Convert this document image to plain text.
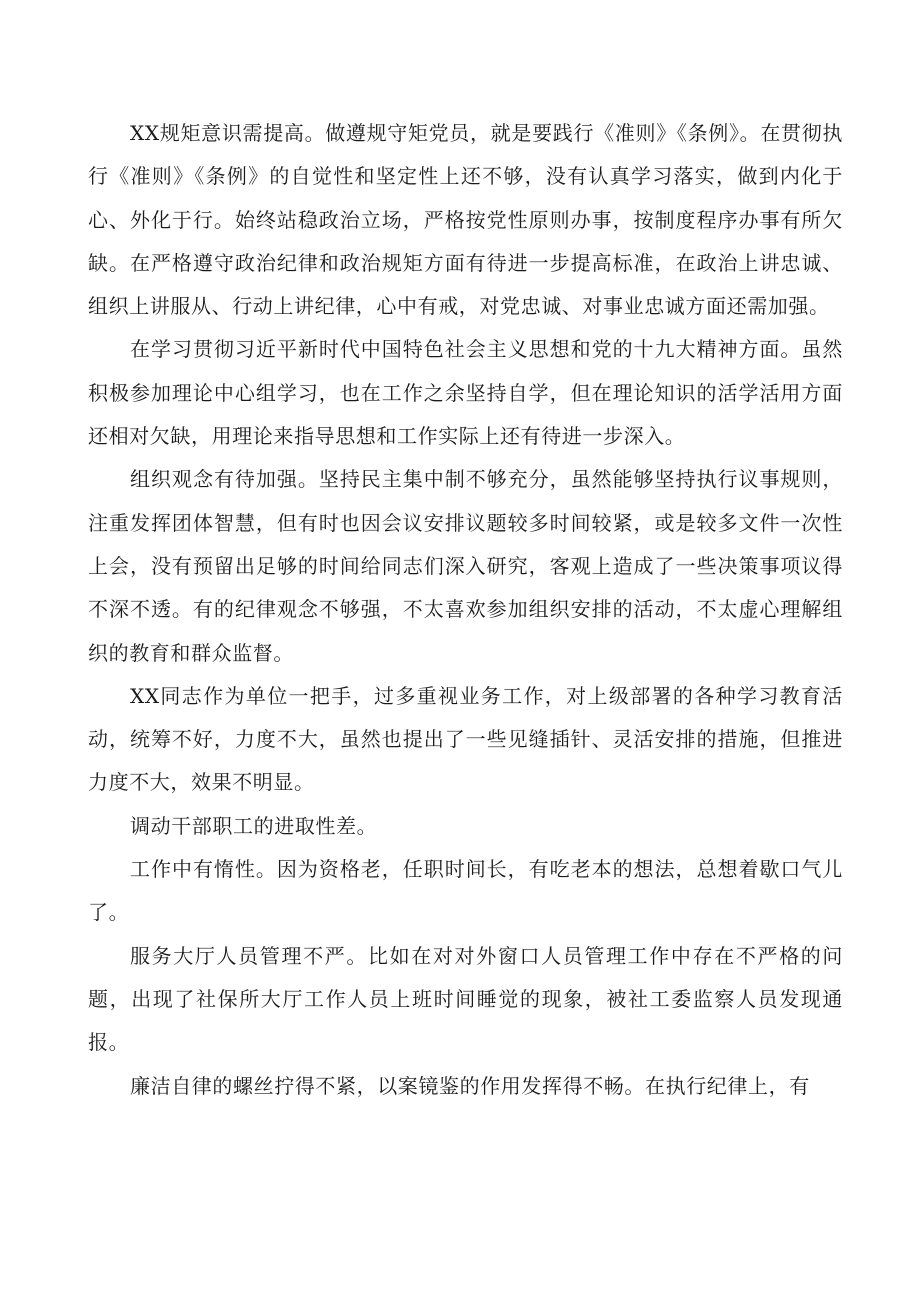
XX规矩意识需提高。做遵规守矩党员，就是要践行《准则》《条例》。在贯彻执行《准则》《条例》的自觉性和坚定性上还不够，没有认真学习落实，做到内化于心、外化于行。始终站稳政治立场，严格按党性原则办事，按制度程序办事有所欠缺。在严格遵守政治纪律和政治规矩方面有待进一步提高标准，在政治上讲忠诚、组织上讲服从、行动上讲纪律，心中有戒，对党忠诚、对事业忠诚方面还需加强。

在学习贯彻习近平新时代中国特色社会主义思想和党的十九大精神方面。虽然积极参加理论中心组学习，也在工作之余坚持自学，但在理论知识的活学活用方面还相对欠缺，用理论来指导思想和工作实际上还有待进一步深入。

组织观念有待加强。坚持民主集中制不够充分，虽然能够坚持执行议事规则，注重发挥团体智慧，但有时也因会议安排议题较多时间较紧，或是较多文件一次性上会，没有预留出足够的时间给同志们深入研究，客观上造成了一些决策事项议得不深不透。有的纪律观念不够强，不太喜欢参加组织安排的活动，不太虚心理解组织的教育和群众监督。

XX同志作为单位一把手，过多重视业务工作，对上级部署的各种学习教育活动，统筹不好，力度不大，虽然也提出了一些见缝插针、灵活安排的措施，但推进力度不大，效果不明显。

调动干部职工的进取性差。

工作中有惰性。因为资格老，任职时间长，有吃老本的想法，总想着歇口气儿了。

服务大厅人员管理不严。比如在对对外窗口人员管理工作中存在不严格的问题，出现了社保所大厅工作人员上班时间睡觉的现象，被社工委监察人员发现通报。

廉洁自律的螺丝拧得不紧，以案镜鉴的作用发挥得不畅。在执行纪律上，有
